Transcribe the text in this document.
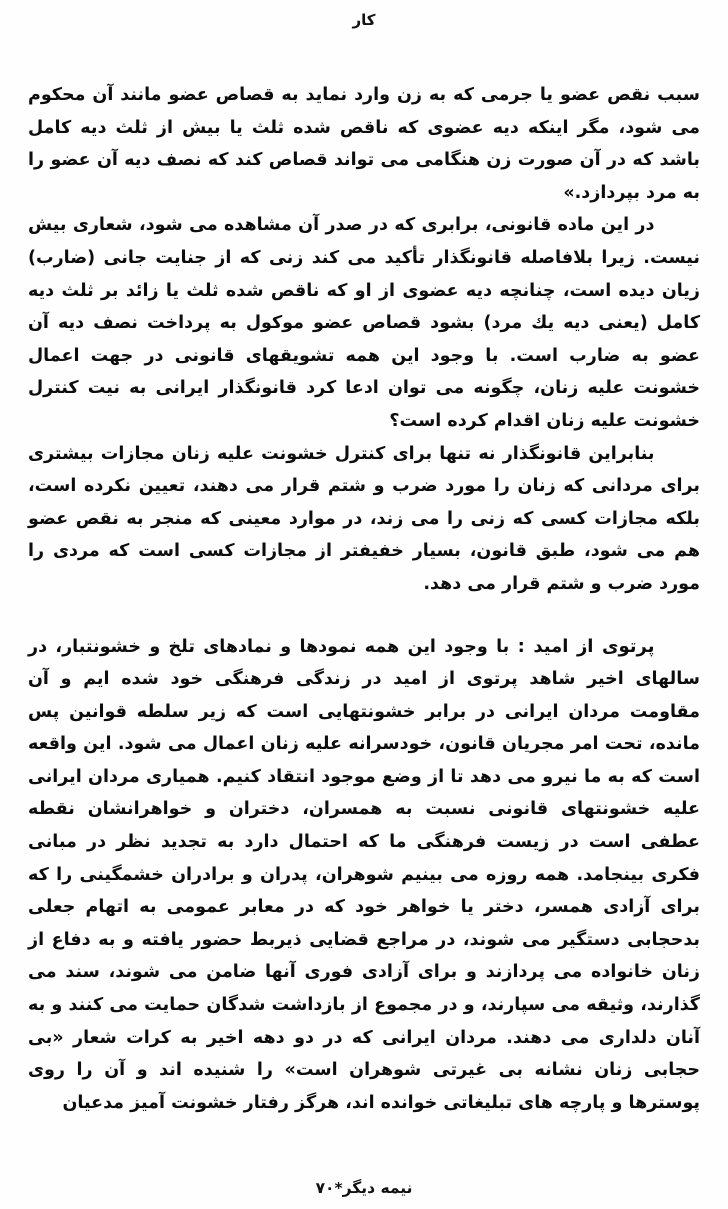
كار

سبب نقص عضو يا جرمى كه به زن وارد نمايد به قصاص عضو مانند آن محكوم مى شود، مگر اينكه ديه عضوى كه ناقص شده ثلث يا بيش از ثلث ديه كامل باشد كه در آن صورت زن هنگامى مى تواند قصاص كند كه نصف ديه آن عضو را به مرد بپردازد.»

در اين ماده قانونى، برابرى كه در صدر آن مشاهده مى شود، شعارى بيش نيست. زيرا بلافاصله قانونگذار تأكيد مى كند زنى كه از جنايت جانى (ضارب) زيان ديده است، چنانچه ديه عضوى از او كه ناقص شده ثلث يا زائد بر ثلث ديه كامل (يعنى ديه يك مرد) بشود قصاص عضو موكول به پرداخت نصف ديه آن عضو به ضارب است. با وجود اين همه تشويقهاى قانونى در جهت اعمال خشونت عليه زنان، چگونه مى توان ادعا كرد قانونگذار ايرانى به نيت كنترل خشونت عليه زنان اقدام كرده است؟

بنابراين قانونگذار نه تنها براى كنترل خشونت عليه زنان مجازات بيشترى براى مردانى كه زنان را مورد ضرب و شتم قرار مى دهند، تعيين نكرده است، بلكه مجازات كسى كه زنى را مى زند، در موارد معينى كه منجر به نقص عضو هم مى شود، طبق قانون، بسيار خفيفتر از مجازات كسى است كه مردى را مورد ضرب و شتم قرار مى دهد.

پرتوى از اميد : با وجود اين همه نمودها و نمادهاى تلخ و خشونتبار، در سالهاى اخير شاهد پرتوى از اميد در زندگى فرهنگى خود شده ايم و آن مقاومت مردان ايرانى در برابر خشونتهايى است كه زير سلطه قوانين پس مانده، تحت امر مجريان قانون، خودسرانه عليه زنان اعمال مى شود. اين واقعه است كه به ما نيرو مى دهد تا از وضع موجود انتقاد كنيم. هميارى مردان ايرانى عليه خشونتهاى قانونى نسبت به همسران، دختران و خواهرانشان نقطه عطفى است در زيست فرهنگى ما كه احتمال دارد به تجديد نظر در مبانى فكرى بينجامد. همه روزه مى بينيم شوهران، پدران و برادران خشمگينى را كه براى آزادى همسر، دختر يا خواهر خود كه در معابر عمومى به اتهام جعلى بدحجابى دستگير مى شوند، در مراجع قضايى ذيربط حضور يافته و به دفاع از زنان خانواده مى پردازند و براى آزادى فورى آنها ضامن مى شوند، سند مى گذارند، وثيقه مى سپارند، و در مجموع از بازداشت شدگان حمايت مى كنند و به آنان دلدارى مى دهند. مردان ايرانى كه در دو دهه اخير به كرات شعار «بى حجابى زنان نشانه بى غيرتى شوهران است» را شنيده اند و آن را روى پوسترها و پارچه هاى تبليغاتى خوانده اند، هرگز رفتار خشونت آميز مدعيان

نيمه ديگر*٧٠
